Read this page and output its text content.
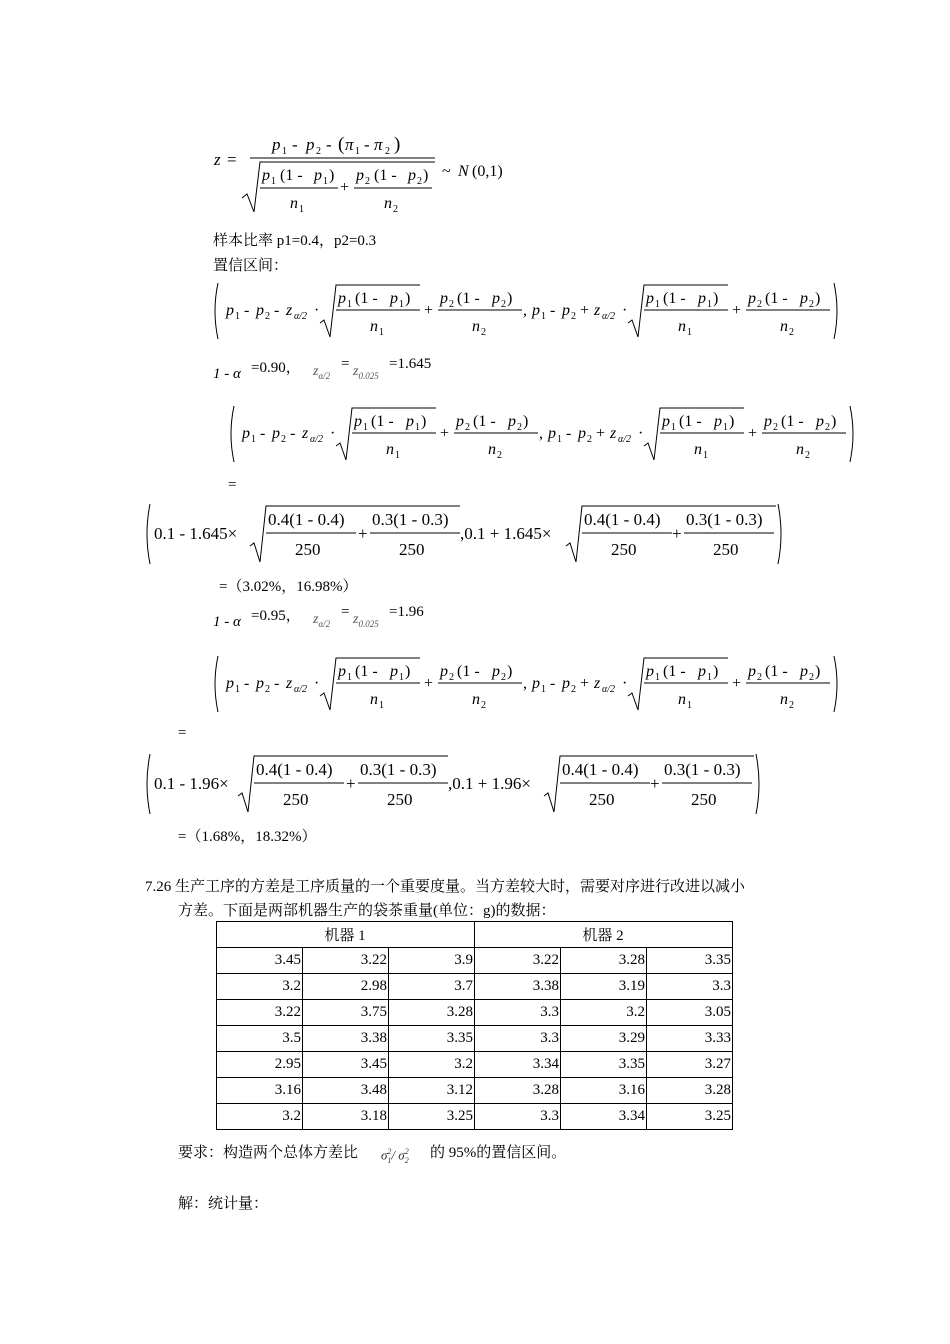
z =
p 1 - p 2 - ( π 1 - π 2 )
p 1 (1 - p 1 )
n 1
+
p 2 (1 - p 2 )
n 2
~ N (0,1)
样本比率 p1=0.4，p2=0.3
置信区间：
p 1 - p 2 - z α/2 ·
p 1 (1 - p 1 )
n 1
+
p 2 (1 - p 2 )
n 2
, p 1 - p 2 + z α/2 ·
p 1 (1 - p 1 )
n 1
+
p 2 (1 - p 2 )
n 2
1 - α =0.90， $z_{\alpha/2}$
= $z_{0.025}$
=1.645
p 1 - p 2 - z α/2 ·
p 1 (1 - p 1 )
n 1
+
p 2 (1 - p 2 )
n 2
, p 1 - p 2 + z α/2 ·
p 1 (1 - p 1 )
n 1
+
p 2 (1 - p 2 )
n 2
=
0.1 - 1.645×
0.4(1 - 0.4)
250
+
0.3(1 - 0.3)
250
,0.1 + 1.645×
0.4(1 - 0.4)
250
+
0.3(1 - 0.3)
250
=（3.02%，16.98%）
1 - α =0.95， $z_{\alpha/2}$
= $z_{0.025}$
=1.96
p 1 - p 2 - z α/2 ·
p 1 (1 - p 1 )
n 1
+
p 2 (1 - p 2 )
n 2
, p 1 - p 2 + z α/2 ·
p 1 (1 - p 1 )
n 1
+
p 2 (1 - p 2 )
n 2
=
0.1 - 1.96×
0.4(1 - 0.4)
250
+
0.3(1 - 0.3)
250
,0.1 + 1.96×
0.4(1 - 0.4)
250
+
0.3(1 - 0.3)
250
=（1.68%，18.32%）
7.26 生产工序的方差是工序质量的一个重要度量。当方差较大时，需要对序进行改进以减小
方差。下面是两部机器生产的袋茶重量(单位：g)的数据：
机器 1			机器 2		
3.45	3.22	3.9	3.22	3.28	3.35
3.2	2.98	3.7	3.38	3.19	3.3
3.22	3.75	3.28	3.3	3.2	3.05
3.5	3.38	3.35	3.3	3.29	3.33
2.95	3.45	3.2	3.34	3.35	3.27
3.16	3.48	3.12	3.28	3.16	3.28
3.2	3.18	3.25	3.3	3.34	3.25
要求：构造两个总体方差比 $\sigma_1^2/$ $\sigma_2^2$ 的 95%的置信区间。
解：统计量：
